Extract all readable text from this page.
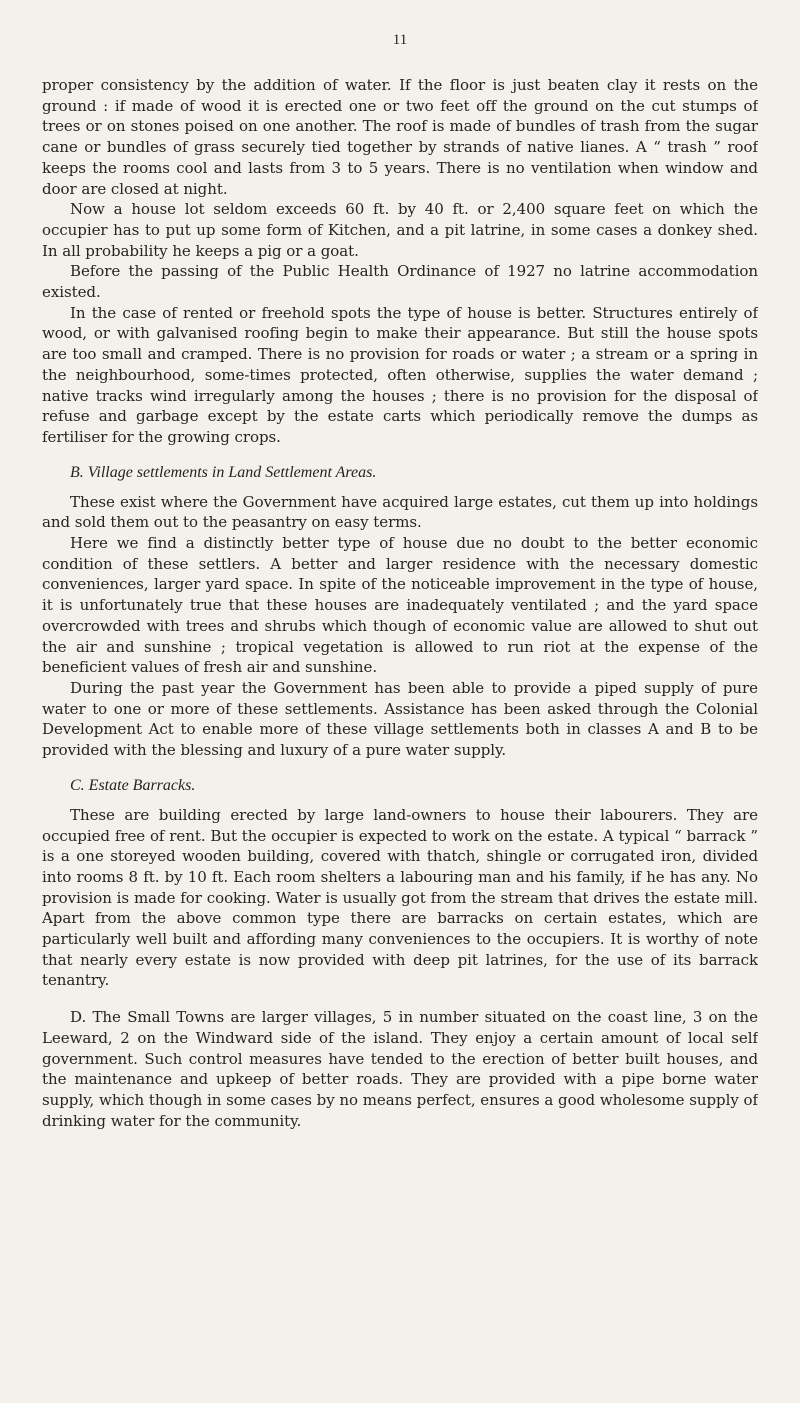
11

proper consistency by the addition of water. If the floor is just beaten clay it rests on the ground : if made of wood it is erected one or two feet off the ground on the cut stumps of trees or on stones poised on one another. The roof is made of bundles of trash from the sugar cane or bundles of grass securely tied together by strands of native lianes. A “ trash ” roof keeps the rooms cool and lasts from 3 to 5 years. There is no ventilation when window and door are closed at night.

Now a house lot seldom exceeds 60 ft. by 40 ft. or 2,400 square feet on which the occupier has to put up some form of Kitchen, and a pit latrine, in some cases a donkey shed. In all probability he keeps a pig or a goat.

Before the passing of the Public Health Ordinance of 1927 no latrine accommodation existed.

In the case of rented or freehold spots the type of house is better. Structures entirely of wood, or with galvanised roofing begin to make their appearance. But still the house spots are too small and cramped. There is no provision for roads or water ; a stream or a spring in the neighbourhood, some-times protected, often otherwise, supplies the water demand ; native tracks wind irregularly among the houses ; there is no provision for the disposal of refuse and garbage except by the estate carts which periodically remove the dumps as fertiliser for the growing crops.

B. Village settlements in Land Settlement Areas.

These exist where the Government have acquired large estates, cut them up into holdings and sold them out to the peasantry on easy terms.

Here we find a distinctly better type of house due no doubt to the better economic condition of these settlers. A better and larger residence with the necessary domestic conveniences, larger yard space. In spite of the noticeable improvement in the type of house, it is unfortunately true that these houses are inadequately ventilated ; and the yard space overcrowded with trees and shrubs which though of economic value are allowed to shut out the air and sunshine ; tropical vegetation is allowed to run riot at the expense of the beneficient values of fresh air and sunshine.

During the past year the Government has been able to provide a piped supply of pure water to one or more of these settlements. Assistance has been asked through the Colonial Development Act to enable more of these village settlements both in classes A and B to be provided with the blessing and luxury of a pure water supply.

C. Estate Barracks.

These are building erected by large land-owners to house their labourers. They are occupied free of rent. But the occupier is expected to work on the estate. A typical “ barrack ” is a one storeyed wooden building, covered with thatch, shingle or corrugated iron, divided into rooms 8 ft. by 10 ft. Each room shelters a labouring man and his family, if he has any. No provision is made for cooking. Water is usually got from the stream that drives the estate mill. Apart from the above common type there are barracks on certain estates, which are particularly well built and affording many conveniences to the occupiers. It is worthy of note that nearly every estate is now provided with deep pit latrines, for the use of its barrack tenantry.

D. The Small Towns are larger villages, 5 in number situated on the coast line, 3 on the Leeward, 2 on the Windward side of the island. They enjoy a certain amount of local self government. Such control measures have tended to the erection of better built houses, and the maintenance and upkeep of better roads. They are provided with a pipe borne water supply, which though in some cases by no means perfect, ensures a good wholesome supply of drinking water for the community.
